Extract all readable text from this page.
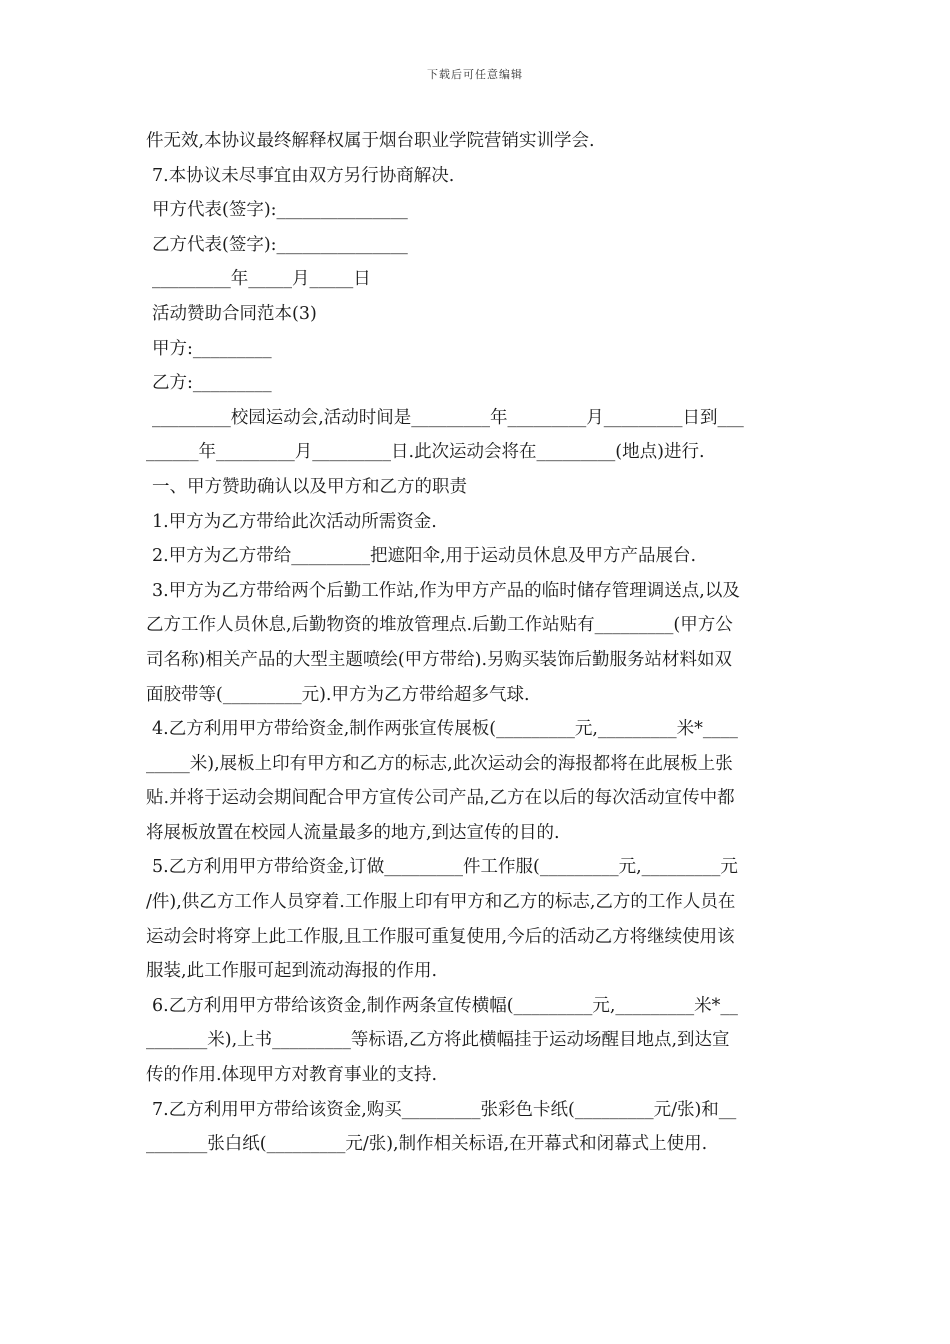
下载后可任意编辑
件无效,本协议最终解释权属于烟台职业学院营销实训学会.
7.本协议未尽事宜由双方另行协商解决.
甲方代表(签字):_______________
乙方代表(签字):_______________
_________年_____月_____日
活动赞助合同范本(3)
甲方:_________
乙方:_________
_________校园运动会,活动时间是_________年_________月_________日到___
______年_________月_________日.此次运动会将在_________(地点)进行.
一、甲方赞助确认以及甲方和乙方的职责
1.甲方为乙方带给此次活动所需资金.
2.甲方为乙方带给_________把遮阳伞,用于运动员休息及甲方产品展台.
3.甲方为乙方带给两个后勤工作站,作为甲方产品的临时储存管理调送点,以及
乙方工作人员休息,后勤物资的堆放管理点.后勤工作站贴有_________(甲方公
司名称)相关产品的大型主题喷绘(甲方带给).另购买装饰后勤服务站材料如双
面胶带等(_________元).甲方为乙方带给超多气球.
4.乙方利用甲方带给资金,制作两张宣传展板(_________元,_________米*____
_____米),展板上印有甲方和乙方的标志,此次运动会的海报都将在此展板上张
贴.并将于运动会期间配合甲方宣传公司产品,乙方在以后的每次活动宣传中都
将展板放置在校园人流量最多的地方,到达宣传的目的.
5.乙方利用甲方带给资金,订做_________件工作服(_________元,_________元
/件),供乙方工作人员穿着.工作服上印有甲方和乙方的标志,乙方的工作人员在
运动会时将穿上此工作服,且工作服可重复使用,今后的活动乙方将继续使用该
服装,此工作服可起到流动海报的作用.
6.乙方利用甲方带给该资金,制作两条宣传横幅(_________元,_________米*__
_______米),上书_________等标语,乙方将此横幅挂于运动场醒目地点,到达宣
传的作用.体现甲方对教育事业的支持.
7.乙方利用甲方带给该资金,购买_________张彩色卡纸(_________元/张)和__
_______张白纸(_________元/张),制作相关标语,在开幕式和闭幕式上使用.
